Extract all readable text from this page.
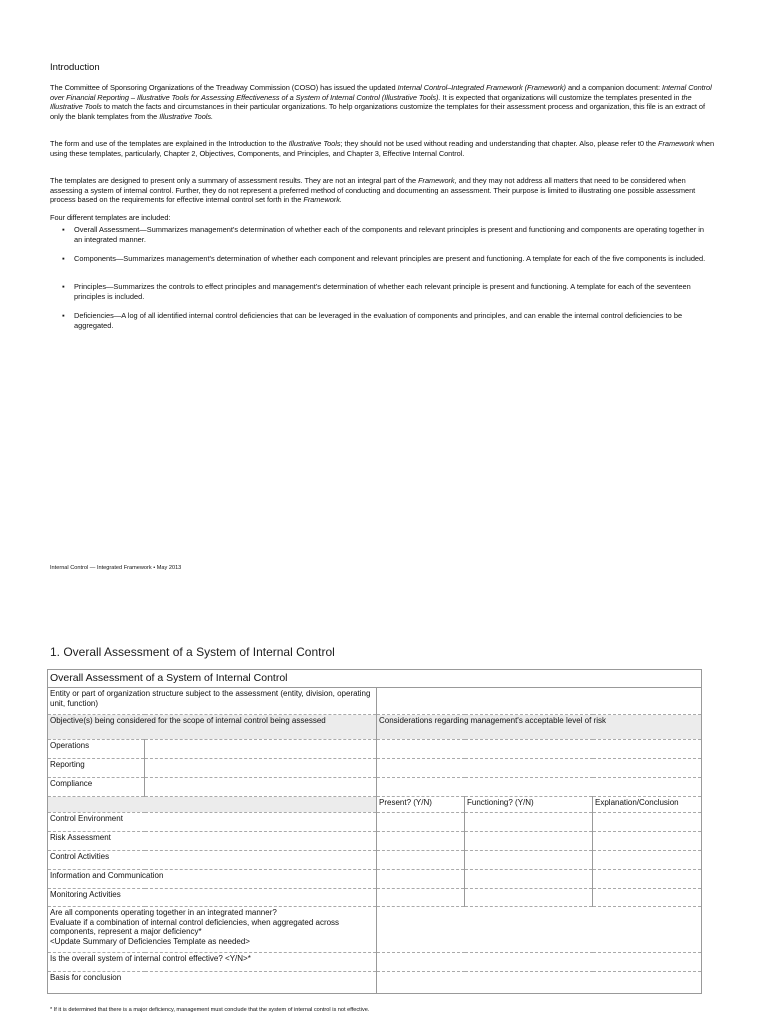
Introduction
The Committee of Sponsoring Organizations of the Treadway Commission (COSO) has issued the updated Internal Control–Integrated Framework (Framework) and a companion document: Internal Control over Financial Reporting – Illustrative Tools for Assessing Effectiveness of a System of Internal Control (Illustrative Tools). It is expected that organizations will customize the templates presented in the Illustrative Tools to match the facts and circumstances in their particular organizations. To help organizations customize the templates for their assessment process and organization, this file is an extract of only the blank templates from the Illustrative Tools.
The form and use of the templates are explained in the Introduction to the Illustrative Tools; they should not be used without reading and understanding that chapter. Also, please refer t0 the Framework when using these templates, particularly, Chapter 2, Objectives, Components, and Principles, and Chapter 3, Effective Internal Control.
The templates are designed to present only a summary of assessment results. They are not an integral part of the Framework, and they may not address all matters that need to be considered when assessing a system of internal control. Further, they do not represent a preferred method of conducting and documenting an assessment. Their purpose is limited to illustrating one possible assessment process based on the requirements for effective internal control set forth in the Framework.
Four different templates are included:
▪ Overall Assessment—Summarizes management's determination of whether each of the components and relevant principles is present and functioning and components are operating together in an integrated manner.
▪ Components—Summarizes management's determination of whether each component and relevant principles are present and functioning. A template for each of the five components is included.
▪ Principles—Summarizes the controls to effect principles and management's determination of whether each relevant principle is present and functioning. A template for each of the seventeen principles is included.
▪ Deficiencies—A log of all identified internal control deficiencies that can be leveraged in the evaluation of components and principles, and can enable the internal control deficiencies to be aggregated.
Internal Control — Integrated Framework • May 2013
1. Overall Assessment of a System of Internal Control
Overall Assessment of a System of Internal Control				
Entity or part of organization structure subject to the assessment (entity, division, operating unit, function)				
Objective(s) being considered for the scope of internal control being assessed		Considerations regarding management's acceptable level of risk		
Operations				
Reporting				
Compliance				
		Present? (Y/N)	Functioning? (Y/N)	Explanation/Conclusion
Control Environment				
Risk Assessment				
Control Activities				
Information and Communication				
Monitoring Activities				

Are all components operating together in an integrated manner?
Evaluate if a combination of internal control deficiencies, when aggregated across components, represent a major deficiency*
<Update Summary of Deficiencies Template as needed>				

Is the overall system of internal control effective? <Y/N>*				
Basis for conclusion				
* If it is determined that there is a major deficiency, management must conclude that the system of internal control is not effective.
